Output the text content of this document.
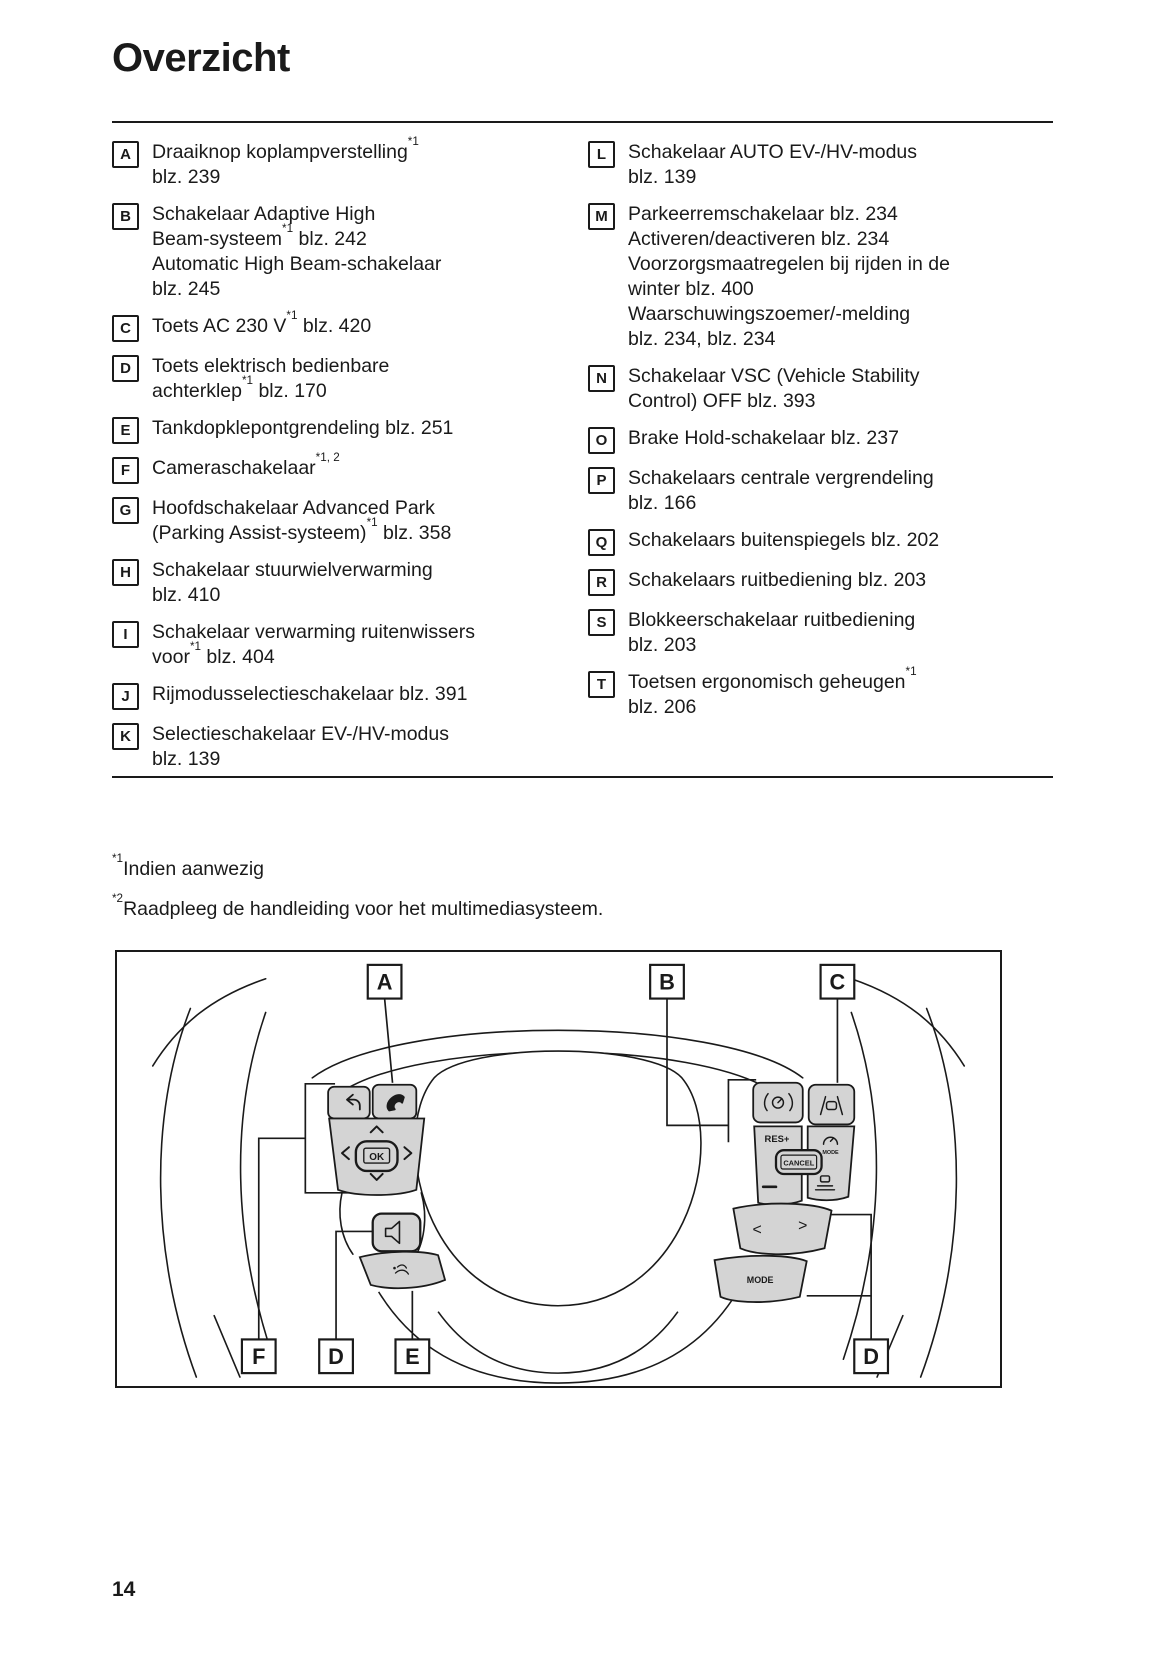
Overzicht
A	Draaiknop koplampverstelling$^{*1}$
blz. 239
B	Schakelaar Adaptive High
Beam-systeem$^{*1}$ blz. 242
Automatic High Beam-schakelaar
blz. 245
C	Toets AC 230 $V^{*1}$ blz. 420
D	Toets elektrisch bedienbare
achterklep$^{*1}$ blz. 170
E	Tankdopklepontgrendeling blz. 251
F	Cameraschakelaar$^{*1, 2}$
G	Hoofdschakelaar Advanced Park
(Parking Assist-systeem)$^{*1}$ blz. 358
H	Schakelaar stuurwielverwarming
blz. 410
I	Schakelaar verwarming ruitenwissers
voor$^{*1}$ blz. 404
J	Rijmodusselectieschakelaar blz. 391
K	Selectieschakelaar EV-/HV-modus
blz. 139
L	Schakelaar AUTO EV-/HV-modus
blz. 139
M	Parkeerremschakelaar blz. 234
Activeren/deactiveren blz. 234
Voorzorgsmaatregelen bij rijden in de
winter blz. 400
Waarschuwingszoemer/-melding
blz. 234, blz. 234
N	Schakelaar VSC (Vehicle Stability
Control) OFF blz. 393
O	Brake Hold-schakelaar blz. 237
P	Schakelaars centrale vergrendeling
blz. 166
Q	Schakelaars buitenspiegels blz. 202
R	Schakelaars ruitbediening blz. 203
S	Blokkeerschakelaar ruitbediening
blz. 203
T	Toetsen ergonomisch geheugen$^{*1}$
blz. 206
$^{*1}$Indien aanwezig
$^{*2}$Raadpleeg de handleiding voor het multimediasysteem.
OK
RES+
MODE
CANCEL
< >
MODE
A	B	C
F	D	E	D
14
